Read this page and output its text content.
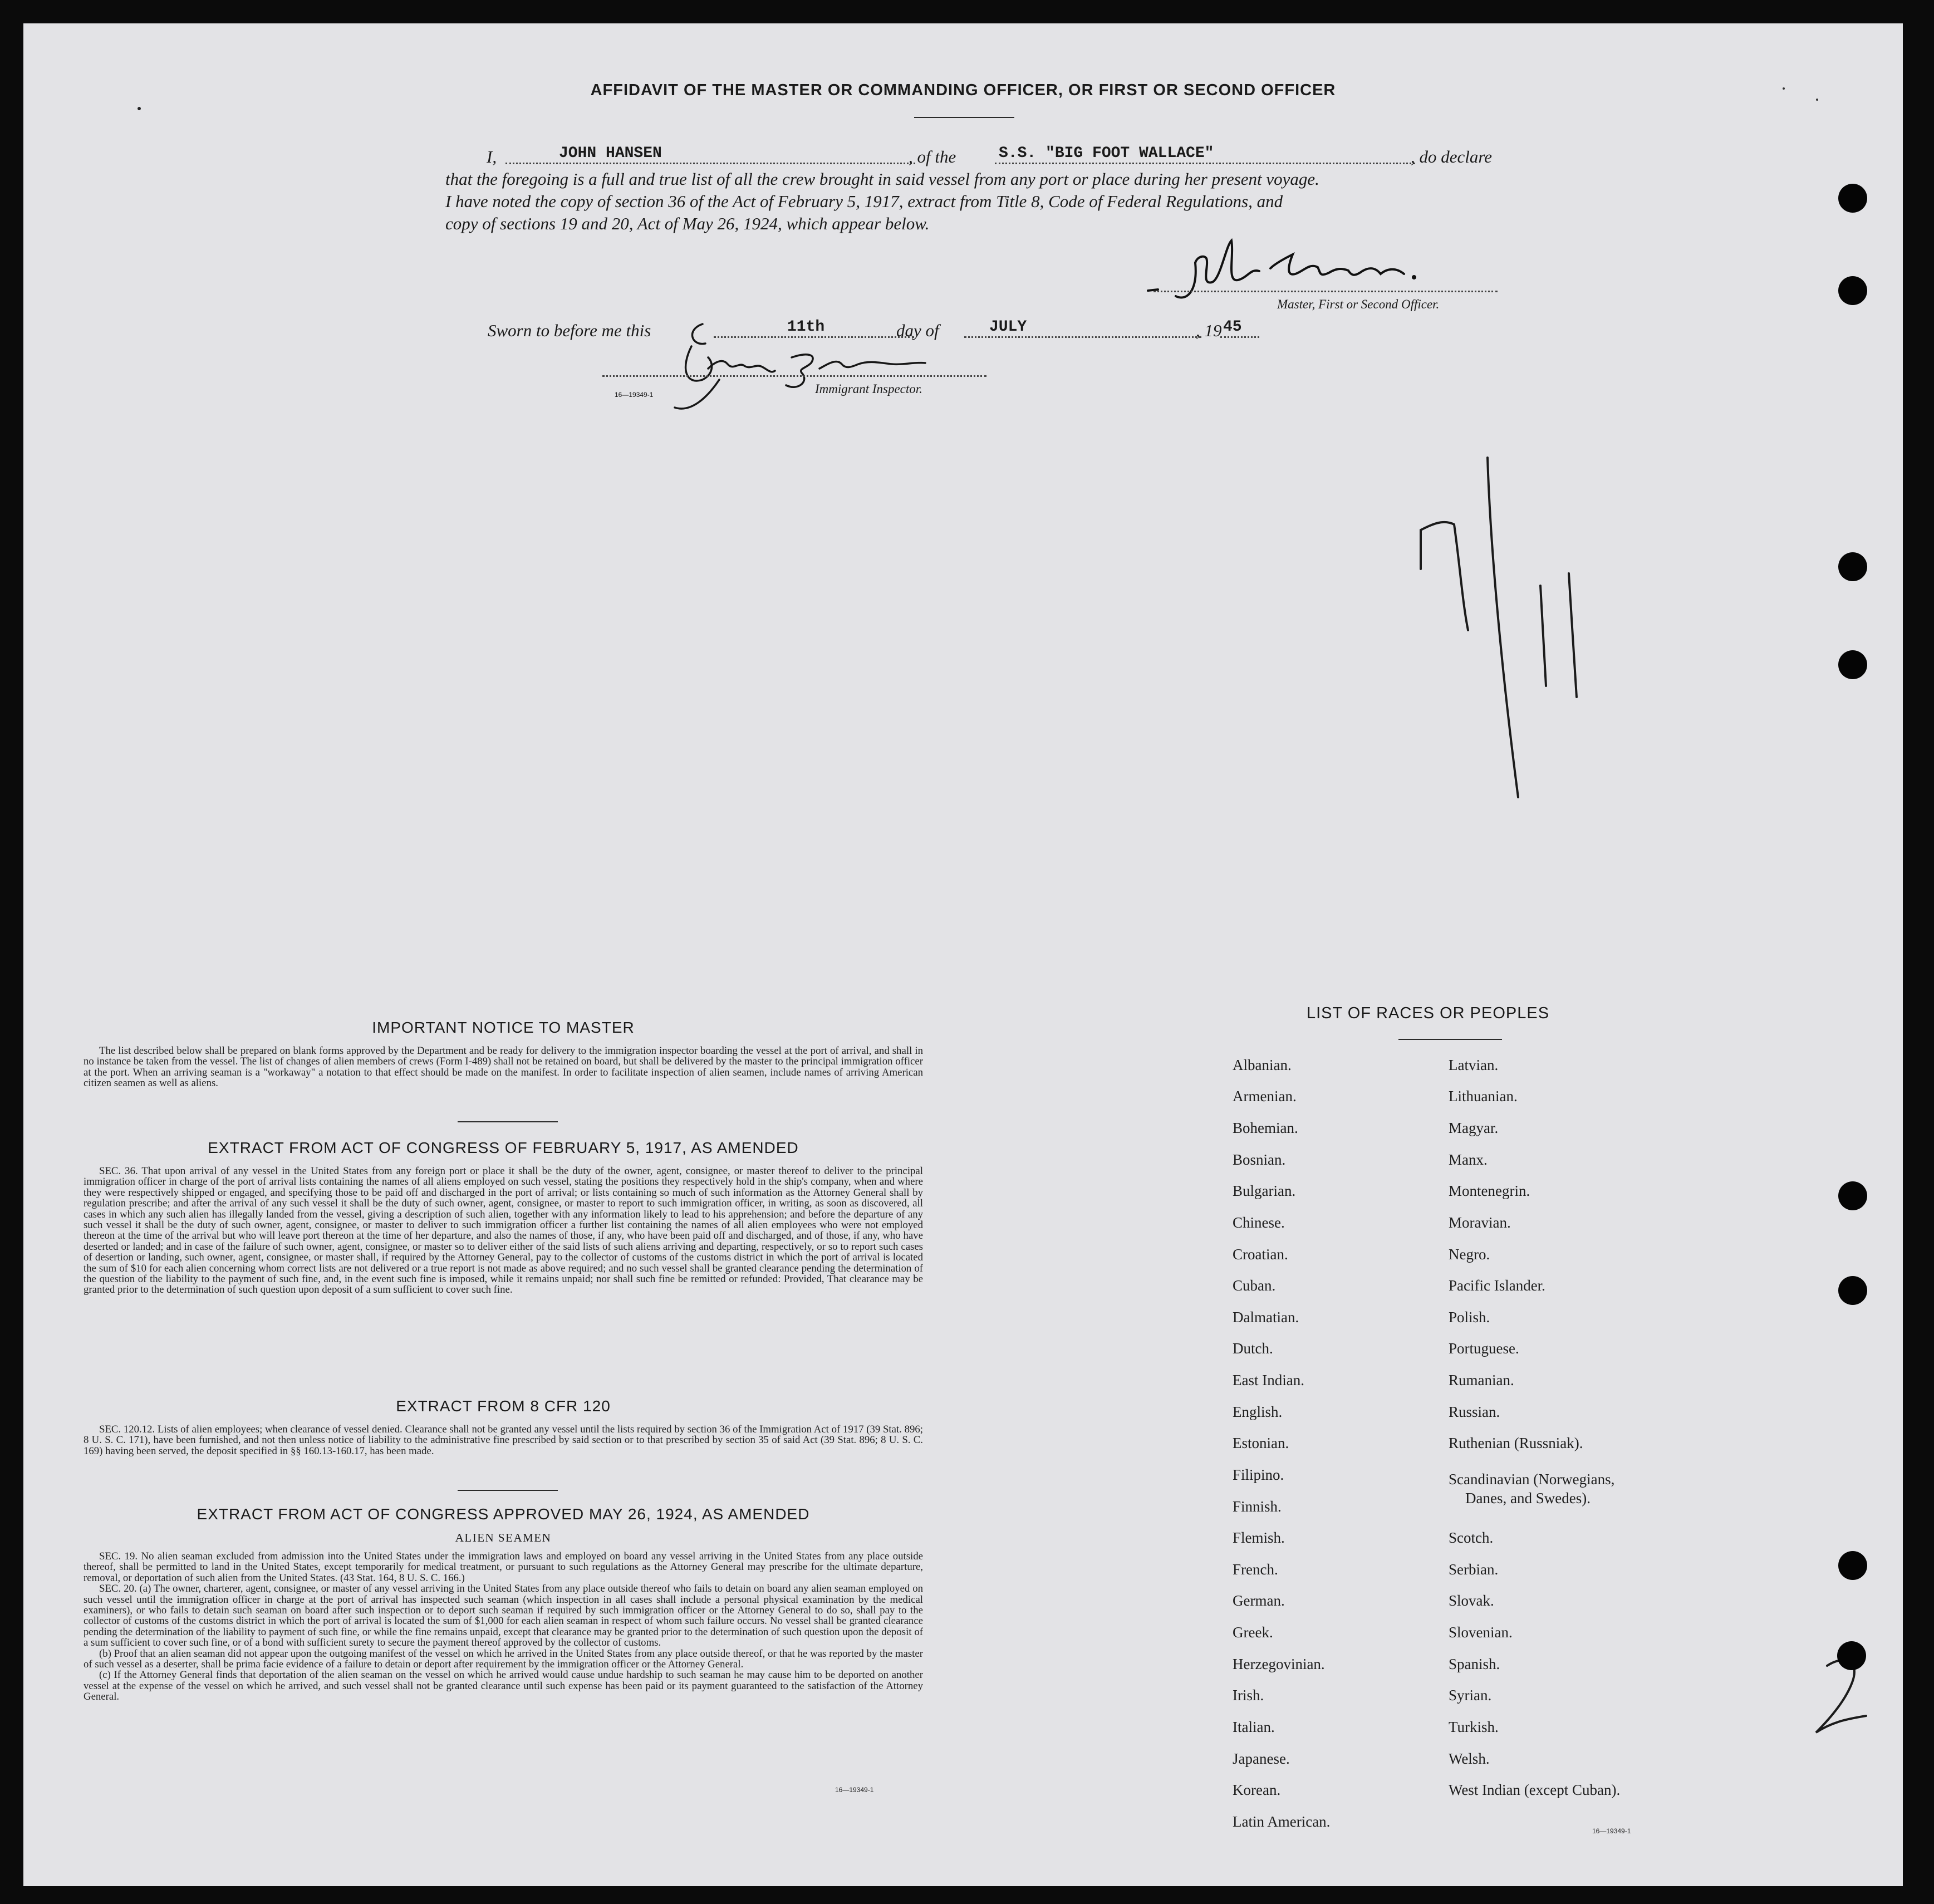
AFFIDAVIT OF THE MASTER OR COMMANDING OFFICER, OR FIRST OR SECOND OFFICER
I,	JOHN HANSEN	, of the	S.S. "BIG FOOT WALLACE"	, do declare
that the foregoing is a full and true list of all the crew brought in said vessel from any port or place during her present voyage.
I have noted the copy of section 36 of the Act of February 5, 1917, extract from Title 8, Code of Federal Regulations, and
copy of sections 19 and 20, Act of May 26, 1924, which appear below.
Master, First or Second Officer.
Sworn to before me this	11th	day of	JULY	, 19 45
Immigrant Inspector.
16—19349-1
IMPORTANT NOTICE TO MASTER

The list described below shall be prepared on blank forms approved by the Department and be ready for delivery to the immigration inspector boarding the vessel at the port of arrival, and shall in no instance be taken from the vessel. The list of changes of alien members of crews (Form I-489) shall not be retained on board, but shall be delivered by the master to the principal immigration officer at the port. When an arriving seaman is a "workaway" a notation to that effect should be made on the manifest. In order to facilitate inspection of alien seamen, include names of arriving American citizen seamen as well as aliens.

EXTRACT FROM ACT OF CONGRESS OF FEBRUARY 5, 1917, AS AMENDED

SEC. 36. That upon arrival of any vessel in the United States from any foreign port or place it shall be the duty of the owner, agent, consignee, or master thereof to deliver to the principal immigration officer in charge of the port of arrival lists containing the names of all aliens employed on such vessel, stating the positions they respectively hold in the ship's company, when and where they were respectively shipped or engaged, and specifying those to be paid off and discharged in the port of arrival; or lists containing so much of such information as the Attorney General shall by regulation prescribe; and after the arrival of any such vessel it shall be the duty of such owner, agent, consignee, or master to report to such immigration officer, in writing, as soon as discovered, all cases in which any such alien has illegally landed from the vessel, giving a description of such alien, together with any information likely to lead to his apprehension; and before the departure of any such vessel it shall be the duty of such owner, agent, consignee, or master to deliver to such immigration officer a further list containing the names of all alien employees who were not employed thereon at the time of the arrival but who will leave port thereon at the time of her departure, and also the names of those, if any, who have been paid off and discharged, and of those, if any, who have deserted or landed; and in case of the failure of such owner, agent, consignee, or master so to deliver either of the said lists of such aliens arriving and departing, respectively, or so to report such cases of desertion or landing, such owner, agent, consignee, or master shall, if required by the Attorney General, pay to the collector of customs of the customs district in which the port of arrival is located the sum of $10 for each alien concerning whom correct lists are not delivered or a true report is not made as above required; and no such vessel shall be granted clearance pending the determination of the question of the liability to the payment of such fine, and, in the event such fine is imposed, while it remains unpaid; nor shall such fine be remitted or refunded: Provided, That clearance may be granted prior to the determination of such question upon deposit of a sum sufficient to cover such fine.

EXTRACT FROM 8 CFR 120

SEC. 120.12. Lists of alien employees; when clearance of vessel denied. Clearance shall not be granted any vessel until the lists required by section 36 of the Immigration Act of 1917 (39 Stat. 896; 8 U. S. C. 171), have been furnished, and not then unless notice of liability to the administrative fine prescribed by said section or to that prescribed by section 35 of said Act (39 Stat. 896; 8 U. S. C. 169) having been served, the deposit specified in §§ 160.13-160.17, has been made.

EXTRACT FROM ACT OF CONGRESS APPROVED MAY 26, 1924, AS AMENDED
ALIEN SEAMEN

SEC. 19. No alien seaman excluded from admission into the United States under the immigration laws and employed on board any vessel arriving in the United States from any place outside thereof, shall be permitted to land in the United States, except temporarily for medical treatment, or pursuant to such regulations as the Attorney General may prescribe for the ultimate departure, removal, or deportation of such alien from the United States. (43 Stat. 164, 8 U. S. C. 166.)

SEC. 20. (a) The owner, charterer, agent, consignee, or master of any vessel arriving in the United States from any place outside thereof who fails to detain on board any alien seaman employed on such vessel until the immigration officer in charge at the port of arrival has inspected such seaman (which inspection in all cases shall include a personal physical examination by the medical examiners), or who fails to detain such seaman on board after such inspection or to deport such seaman if required by such immigration officer or the Attorney General to do so, shall pay to the collector of customs of the customs district in which the port of arrival is located the sum of $1,000 for each alien seaman in respect of whom such failure occurs. No vessel shall be granted clearance pending the determination of the liability to payment of such fine, or while the fine remains unpaid, except that clearance may be granted prior to the determination of such question upon the deposit of a sum sufficient to cover such fine, or of a bond with sufficient surety to secure the payment thereof approved by the collector of customs.

(b) Proof that an alien seaman did not appear upon the outgoing manifest of the vessel on which he arrived in the United States from any place outside thereof, or that he was reported by the master of such vessel as a deserter, shall be prima facie evidence of a failure to detain or deport after requirement by the immigration officer or the Attorney General.

(c) If the Attorney General finds that deportation of the alien seaman on the vessel on which he arrived would cause undue hardship to such seaman he may cause him to be deported on another vessel at the expense of the vessel on which he arrived, and such vessel shall not be granted clearance until such expense has been paid or its payment guaranteed to the satisfaction of the Attorney General.

16—19349-1
LIST OF RACES OR PEOPLES
Albanian.
Armenian.
Bohemian.
Bosnian.
Bulgarian.
Chinese.
Croatian.
Cuban.
Dalmatian.
Dutch.
East Indian.
English.
Estonian.
Filipino.
Finnish.
Flemish.
French.
German.
Greek.
Herzegovinian.
Irish.
Italian.
Japanese.
Korean.
Latin American.
Latvian.
Lithuanian.
Magyar.
Manx.
Montenegrin.
Moravian.
Negro.
Pacific Islander.
Polish.
Portuguese.
Rumanian.
Russian.
Ruthenian (Russniak).
Scandinavian (Norwegians,
Danes, and Swedes).
Scotch.
Serbian.
Slovak.
Slovenian.
Spanish.
Syrian.
Turkish.
Welsh.
West Indian (except Cuban).
16—19349-1
